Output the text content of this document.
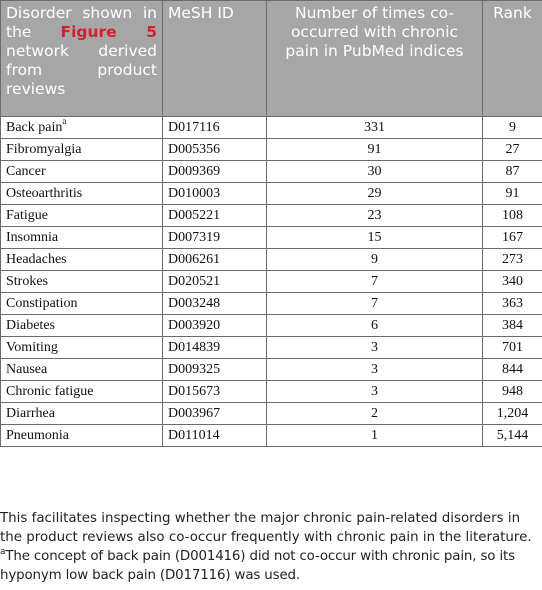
Disorder shown in the Figure 5 network derived from product reviews	MeSH ID	Number of times co-occurred with chronic pain in PubMed indices	Rank
Back pain$^a$	D017116	331	9
Fibromyalgia	D005356	91	27
Cancer	D009369	30	87
Osteoarthritis	D010003	29	91
Fatigue	D005221	23	108
Insomnia	D007319	15	167
Headaches	D006261	9	273
Strokes	D020521	7	340
Constipation	D003248	7	363
Diabetes	D003920	6	384
Vomiting	D014839	3	701
Nausea	D009325	3	844
Chronic fatigue	D015673	3	948
Diarrhea	D003967	2	1,204
Pneumonia	D011014	1	5,144

This facilitates inspecting whether the major chronic pain-related disorders in the product reviews also co-occur frequently with chronic pain in the literature.

$^a$The concept of back pain (D001416) did not co-occur with chronic pain, so its hyponym low back pain (D017116) was used.
